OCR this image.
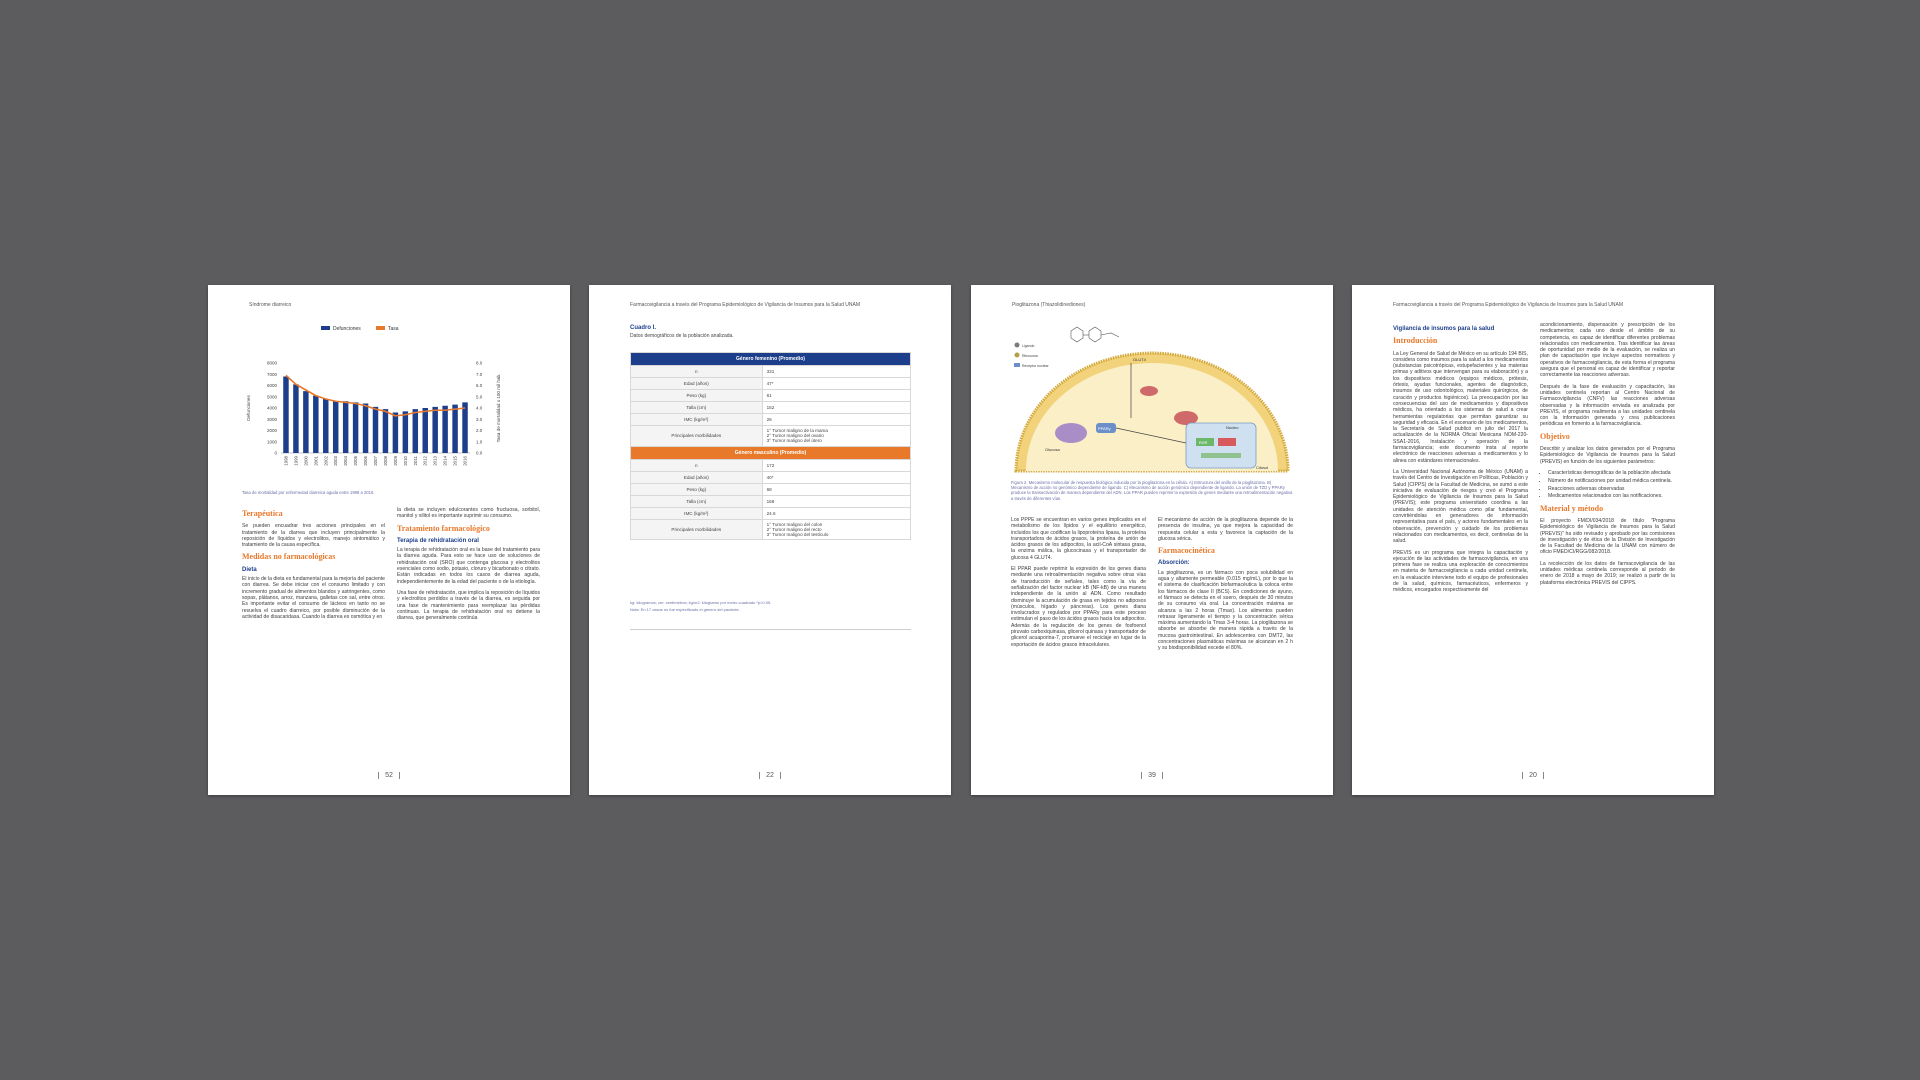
Síndrome diarreico
Defunciones	Tasa
8000
7000
6000
5000
4000
3000
2000
1000
0
8.0
7.0
6.0
5.0
4.0
3.0
2.0
1.0
0.0
Defunciones	Tasa de mortalidad x 100 mil hab.
1998 1999 2000 2001 2002 2003 2004 2005 2006 2007 2008 2009 2010 2011 2012 2013 2014 2015 2016
Tasa de mortalidad por enfermedad diarreica aguda entre 1998 a 2016.
Terapéutica

Se pueden encuadrar tres acciones principales en el tratamiento de la diarrea que incluyen principalmente la reposición de líquidos y electrolitos, manejo sintomático y tratamiento de la causa específica.

Medidas no farmacológicas
Dieta

El inicio de la dieta es fundamental para la mejoría del paciente con diarrea. Se debe iniciar con el consumo limitado y con incremento gradual de alimentos blandos y astringentes, como sopas, plátanos, arroz, manzana, galletas con sal, entre otros. Es importante evitar el consumo de lácteos en tanto no se resuelva el cuadro diarreico, por posible disminución de la actividad de disacaridasa. Cuando la diarrea es osmótica y en

la dieta se incluyen edulcorantes como fructuosa, sorbitol, manitol y xilitol es importante suprimir su consumo.

Tratamiento farmacológico
Terapia de rehidratación oral

La terapia de rehidratación oral es la base del tratamiento para la diarrea aguda. Para esto se hace uso de soluciones de rehidratación oral (SRO) que contenga glucosa y electrolitos esenciales como sodio, potasio, cloruro y bicarbonato o citrato. Están indicadas en todos los casos de diarrea aguda, independientemente de la edad del paciente o de la etiología.

Una fase de rehidratación, que implica la reposición de líquidos y electrolitos perdidos a través de la diarrea, es seguida por una fase de mantenimiento para reemplazar las pérdidas continuas. La terapia de rehidratación oral no detiene la diarrea, que generalmente continúa

52
Farmacovigilancia a través del Programa Epidemiológico de Vigilancia de Insumos para la Salud UNAM
Cuadro I.
Datos demográficos de la población analizada.
Género femenino (Promedio)	
n	331
Edad (años)	47*
Peso (kg)	61
Talla (cm)	152
IMC (kg/m²)	26
Principales morbilidades	1° Tumor maligno de la mama
2° Tumor maligno del ovario
3° Tumor maligno del útero

Género masculino (Promedio)	
n	172
Edad (años)	40*
Peso (kg)	68
Talla (cm)	168
IMC (kg/m²)	24.6
Principales morbilidades	1° Tumor maligno del colon
2° Tumor maligno del recto
3° Tumor maligno del testículo
kg: kilogramos; cm: centímetros; kg/m2: kilogramo por metro cuadrado *p<0.05.
Nota: En 17 casos no fue especificado el género del paciente.
22
Pioglitazona (Thiazolidinediones)
Ligando
Ribosoma
Receptor nuclear
PPARγ	Núcleo
RXR
Glucosa
GLUT4
Citosol
Figura 2. Mecanismo molecular de respuesta biológica inducida por la pioglitazona en la célula. A) Estructura del anillo de la pioglitazona. B) Mecanismo de acción no genómico dependiente de ligando. C) Mecanismo de acción genómico dependiente de ligando. La unión de TZD y PPARγ produce la transactivación de manera dependiente del ADN. Los PPAR pueden reprimir la expresión de genes mediante una retroalimentación negativa a través de diferentes vías.

Los PPPE se encuentran en varios genes implicados en el metabolismo de los lípidos y el equilibrio energético, incluidos los que codifican la lipoproteína lipasa, la proteína transportadora de ácidos grasos, la proteína de unión de ácidos grasos de los adipocitos, la acil-CoA sintasa grasa, la enzima málica, la glucocinasa y el transportador de glucosa 4 GLUT4.

El PPAR puede reprimir la expresión de los genes diana mediante una retroalimentación negativa sobre otras vías de transducción de señales, tales como la vía de señalización del factor nuclear kB (NF-kB) de una manera independiente de la unión al ADN. Como resultado disminuye la acumulación de grasa en tejidos no adiposos (músculos, hígado y páncreas). Los genes diana involucrados y regulados por PPARγ para este proceso estimulan el paso de los ácidos grasos hacia los adipocitos. Además de la regulación de los genes de fosfoenol piruvato carboxiquinasa, glicerol quinasa y transportador de glicerol acuaporina-7, promueve el reciclaje en lugar de la exportación de ácidos grasos intracelulares.

El mecanismo de acción de la pioglitazona depende de la presencia de insulina, ya que mejora la capacidad de respuesta celular a esta y favorece la captación de la glucosa sérica.

Farmacocinética
Absorción:

La pioglitazona, es un fármaco con poca solubilidad en agua y altamente permeable (0.015 mg/mL), por lo que la el sistema de clasificación biofarmacéutica la coloca entre los fármacos de clase II (BCS). En condiciones de ayuno, el fármaco se detecta en el suero, después de 30 minutos de su consumo vía oral. La concentración máxima se alcanza a las 2 horas (Tmax). Los alimentos pueden retrasar ligeramente el tiempo y la concentración sérica máxima aumentando la Tmax 3-4 horas. La pioglitazona se absorbe se absorbe de manera rápida a través de la mucosa gastrointestinal. En adolescentes con DMT2, las concentraciones plasmáticas máximas se alcanzan en 2 h y su biodisponibilidad excede el 80%.

39
Farmacovigilancia a través del Programa Epidemiológico de Vigilancia de Insumos para la Salud UNAM
Vigilancia de insumos para la salud
Introducción

La Ley General de Salud de México en su artículo 194 BIS, considera como insumos para la salud a los medicamentos (substancias psicotrópicas, estupefacientes y las materias primas y aditivos que intervengan para su elaboración) y a los dispositivos médicos (equipos médicos, prótesis, órtesis, ayudas funcionales, agentes de diagnóstico, insumos de uso odontológico, materiales quirúrgicos, de curación y productos higiénicos). La preocupación por las consecuencias del uso de medicamentos y dispositivos médicos, ha orientado a los sistemas de salud a crear herramientas regulatorias que permitan garantizar su seguridad y eficacia. En el escenario de los medicamentos, la Secretaría de Salud publicó en julio del 2017 la actualización de la NORMA Oficial Mexicana NOM-220-SSA1-2016, Instalación y operación de la farmacovigilancia; este documento insta al reporte electrónico de reacciones adversas a medicamentos y lo alinea con estándares internacionales.

La Universidad Nacional Autónoma de México (UNAM) a través del Centro de Investigación en Políticas, Población y Salud (CIPPS) de la Facultad de Medicina, se sumó a este iniciativa de evaluación de riesgos y creó el Programa Epidemiológico de Vigilancia de Insumos para la Salud (PREVIS); este programa universitario coordina a las unidades de atención médica como pilar fundamental, convirtiéndolas en generadores de información representativa para el país, y actores fundamentales en la observación, prevención y cuidado de los problemas relacionados con medicamentos, es decir, centinelas de la salud.

PREVIS es un programa que integra la capacitación y ejecución de las actividades de farmacovigilancia, en una primera fase se realiza una exploración de conocimientos en materia de farmacovigilancia a cada unidad centinela, en la evaluación interviene todo el equipo de profesionales de la salud, químicos, farmacéuticos, enfermeros y médicos, encargados respectivamente del

acondicionamiento, dispensación y prescripción de los medicamentos; cada uno desde el ámbito de su competencia, es capaz de identificar diferentes problemas relacionados con medicamentos. Tras identificar las áreas de oportunidad por medio de la evaluación, se realiza un plan de capacitación que incluye aspectos normativos y operativos de farmacovigilancia, de esta forma el programa asegura que el personal es capaz de identificar y reportar correctamente las reacciones adversas.

Después de la fase de evaluación y capacitación, las unidades centinela reportan al Centro Nacional de Farmacovigilancia (CNFV) las reacciones adversas observadas y la información enviada es analizada por PREVIS, el programa realimenta a las unidades centinela con la información generada y crea publicaciones periódicas en fomento a la farmacovigilancia.

Objetivo

Describir y analizar los datos generados por el Programa Epidemiológico de Vigilancia de Insumos para la Salud (PREVIS) en función de los siguientes parámetros:

• Características demográficas de la población afectada
• Número de notificaciones por unidad médica centinela.
• Reacciones adversas observadas
• Medicamentos relacionados con las notificaciones.
Material y método

El proyecto FM/DI/034/2018 de título "Programa Epidemiológico de Vigilancia de Insumos para la Salud (PREVIS)" ha sido revisado y aprobado por las comisiones de investigación y de ética de la División de Investigación de la Facultad de Medicina de la UNAM con número de oficio FMED/CI/RGG/082/2018.

La recolección de los datos de farmacovigilancia de las unidades médicas centinela corresponde al periodo de enero de 2018 a mayo de 2019; se realizó a partir de la plataforma electrónica PREVIS del CIPPS.

20
